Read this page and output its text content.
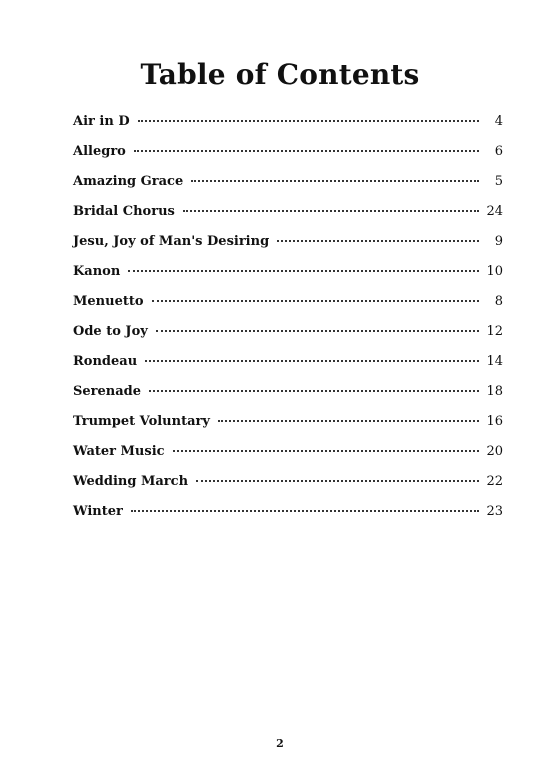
Table of Contents
Air in D	4
Allegro	6
Amazing Grace	5
Bridal Chorus	24
Jesu, Joy of Man's Desiring	9
Kanon	10
Menuetto	8
Ode to Joy	12
Rondeau	14
Serenade	18
Trumpet Voluntary	16
Water Music	20
Wedding March	22
Winter	23
2
